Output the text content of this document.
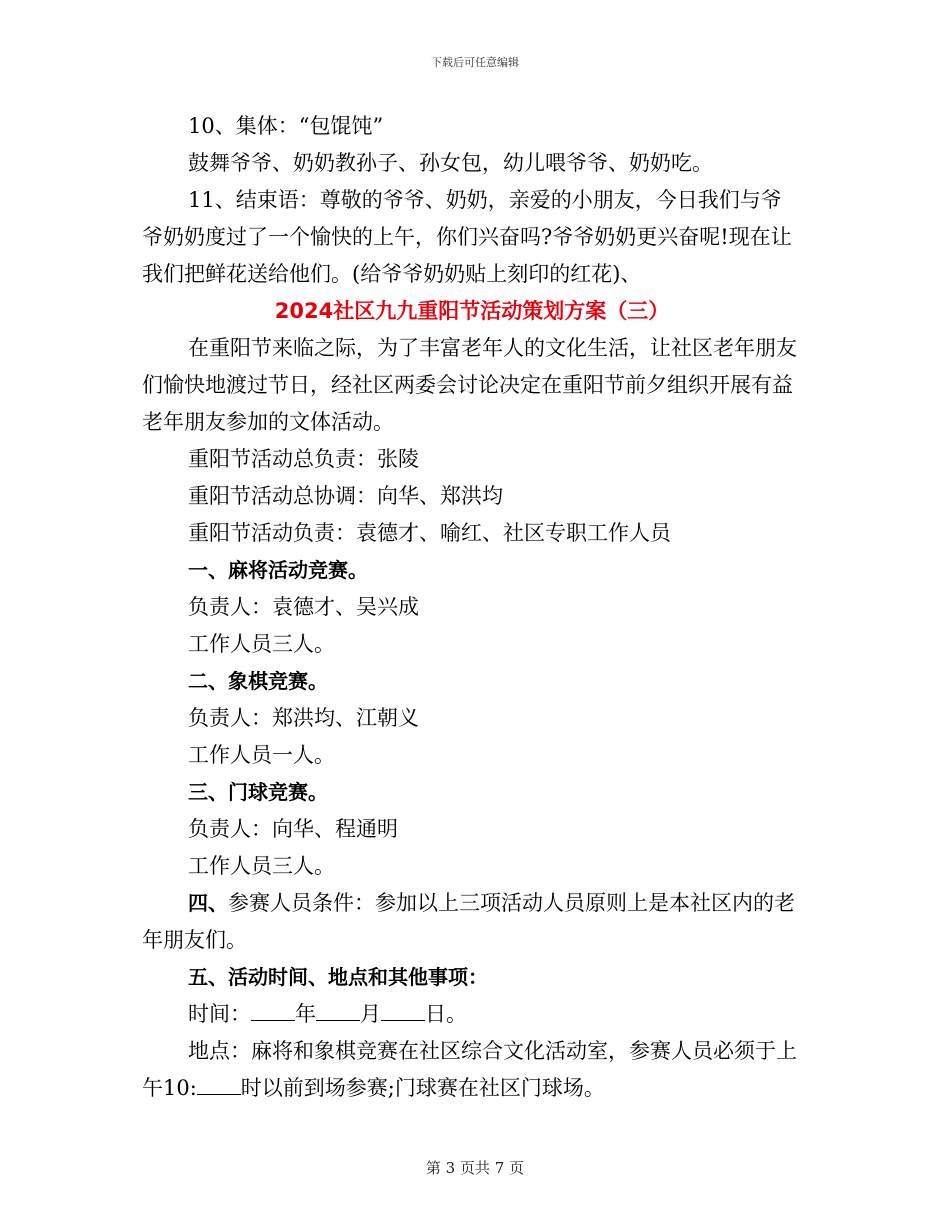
下载后可任意编辑

10、集体：“包馄饨”

鼓舞爷爷、奶奶教孙子、孙女包，幼儿喂爷爷、奶奶吃。

11、结束语：尊敬的爷爷、奶奶，亲爱的小朋友，今日我们与爷爷奶奶度过了一个愉快的上午，你们兴奋吗?爷爷奶奶更兴奋呢!现在让我们把鲜花送给他们。(给爷爷奶奶贴上刻印的红花)、

2024社区九九重阳节活动策划方案（三）

在重阳节来临之际，为了丰富老年人的文化生活，让社区老年朋友们愉快地渡过节日，经社区两委会讨论决定在重阳节前夕组织开展有益老年朋友参加的文体活动。

重阳节活动总负责：张陵

重阳节活动总协调：向华、郑洪均

重阳节活动负责：袁德才、喻红、社区专职工作人员

一、麻将活动竞赛。

负责人：袁德才、吴兴成

工作人员三人。

二、象棋竞赛。

负责人：郑洪均、江朝义

工作人员一人。

三、门球竞赛。

负责人：向华、程通明

工作人员三人。

四、参赛人员条件：参加以上三项活动人员原则上是本社区内的老年朋友们。

五、活动时间、地点和其他事项：

时间： 年 月 日。

地点：麻将和象棋竞赛在社区综合文化活动室，参赛人员必须于上午10: 时以前到场参赛;门球赛在社区门球场。

第 3 页共 7 页
